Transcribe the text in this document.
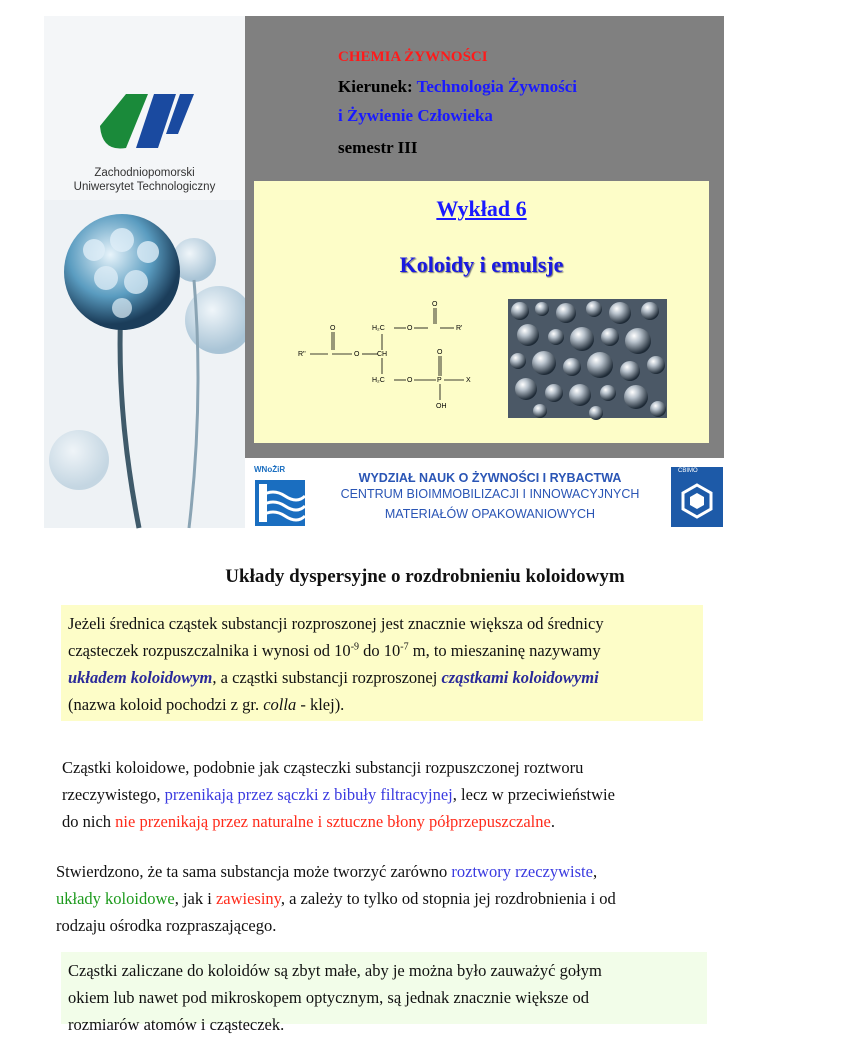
Zachodniopomorski
Uniwersytet Technologiczny
CHEMIA ŻYWNOŚCI
Kierunek: Technologia Żywności
i Żywienie Człowieka
semestr III
Wykład 6
Koloidy i emulsje
R''
O
O	CH
H₂C
H₂C
O
O
R'
O
O
P	X
OH
WNoŻiR	CBIMO
WYDZIAŁ NAUK O ŻYWNOŚCI I RYBACTWA
CENTRUM BIOIMMOBILIZACJI I INNOWACYJNYCH
MATERIAŁÓW OPAKOWANIOWYCH
Układy dyspersyjne o rozdrobnieniu koloidowym
Jeżeli średnica cząstek substancji rozproszonej jest znacznie większa od średnicy
cząsteczek rozpuszczalnika i wynosi od $10^{-9}$ do $10^{-7}$ m, to mieszaninę nazywamy
układem koloidowym, a cząstki substancji rozproszonej cząstkami koloidowymi
(nazwa koloid pochodzi z gr. colla - klej).
Cząstki koloidowe, podobnie jak cząsteczki substancji rozpuszczonej roztworu
rzeczywistego, przenikają przez sączki z bibuły filtracyjnej, lecz w przeciwieństwie
do nich nie przenikają przez naturalne i sztuczne błony półprzepuszczalne.
Stwierdzono, że ta sama substancja może tworzyć zarówno roztwory rzeczywiste,
układy koloidowe, jak i zawiesiny, a zależy to tylko od stopnia jej rozdrobnienia i od
rodzaju ośrodka rozpraszającego.
Cząstki zaliczane do koloidów są zbyt małe, aby je można było zauważyć gołym
okiem lub nawet pod mikroskopem optycznym, są jednak znacznie większe od
rozmiarów atomów i cząsteczek.
